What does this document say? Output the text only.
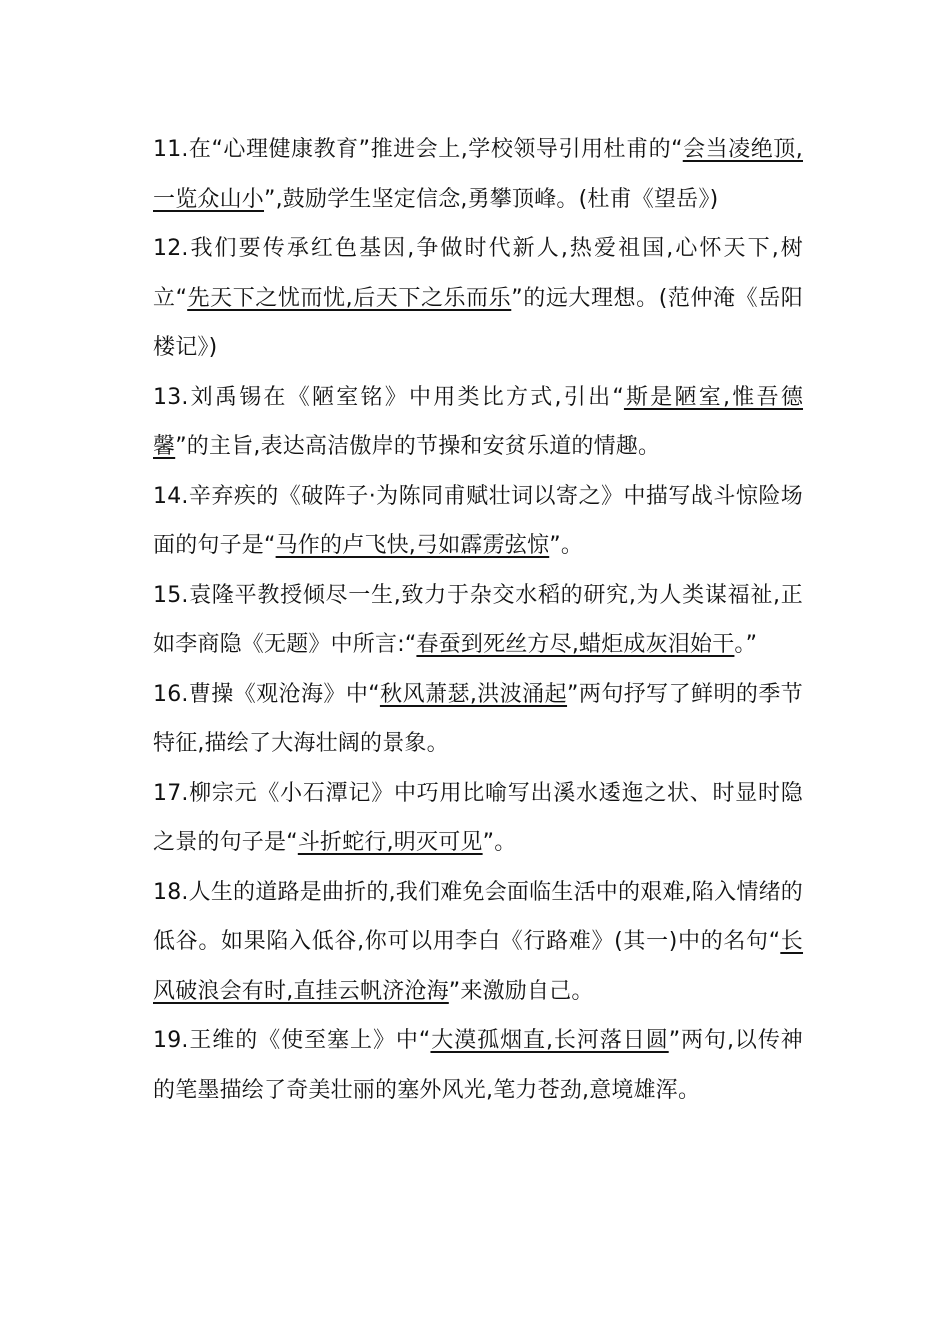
11.在“心理健康教育”推进会上,学校领导引用杜甫的“会当凌绝顶,一览众山小”,鼓励学生坚定信念,勇攀顶峰。(杜甫《望岳》)

12.我们要传承红色基因,争做时代新人,热爱祖国,心怀天下,树立“先天下之忧而忧,后天下之乐而乐”的远大理想。(范仲淹《岳阳楼记》)

13.刘禹锡在《陋室铭》中用类比方式,引出“斯是陋室,惟吾德馨”的主旨,表达高洁傲岸的节操和安贫乐道的情趣。

14.辛弃疾的《破阵子·为陈同甫赋壮词以寄之》中描写战斗惊险场面的句子是“马作的卢飞快,弓如霹雳弦惊”。

15.袁隆平教授倾尽一生,致力于杂交水稻的研究,为人类谋福祉,正如李商隐《无题》中所言:“春蚕到死丝方尽,蜡炬成灰泪始干。”

16.曹操《观沧海》中“秋风萧瑟,洪波涌起”两句抒写了鲜明的季节特征,描绘了大海壮阔的景象。

17.柳宗元《小石潭记》中巧用比喻写出溪水逶迤之状、时显时隐之景的句子是“斗折蛇行,明灭可见”。

18.人生的道路是曲折的,我们难免会面临生活中的艰难,陷入情绪的低谷。如果陷入低谷,你可以用李白《行路难》(其一)中的名句“长风破浪会有时,直挂云帆济沧海”来激励自己。

19.王维的《使至塞上》中“大漠孤烟直,长河落日圆”两句,以传神的笔墨描绘了奇美壮丽的塞外风光,笔力苍劲,意境雄浑。
